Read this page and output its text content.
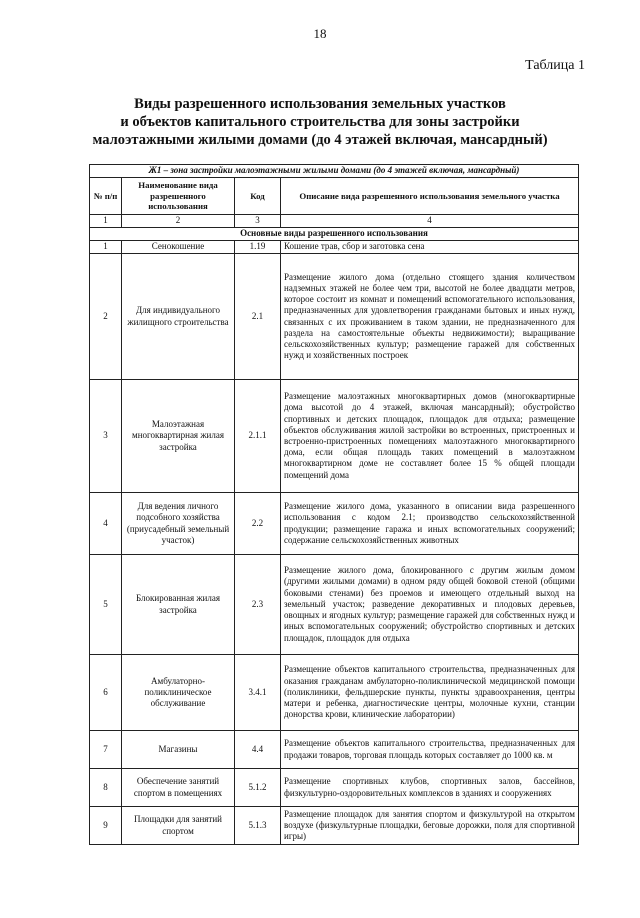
18
Таблица 1
Виды разрешенного использования земельных участков
и объектов капитального строительства для зоны застройки
малоэтажными жилыми домами (до 4 этажей включая, мансардный)
Ж1 – зона застройки малоэтажными жилыми домами (до 4 этажей включая, мансардный)			
№ п/п	Наименование вида разрешенного использования	Код	Описание вида разрешенного использования земельного участка
1	2	3	4
Основные виды разрешенного использования			
1	Сенокошение	1.19	Кошение трав, сбор и заготовка сена
2	Для индивидуального жилищного строительства	2.1	Размещение жилого дома (отдельно стоящего здания количеством надземных этажей не более чем три, высотой не более двадцати метров, которое состоит из комнат и помещений вспомогательного использования, предназначенных для удовлетворения гражданами бытовых и иных нужд, связанных с их проживанием в таком здании, не предназначенного для раздела на самостоятельные объекты недвижимости); выращивание сельскохозяйственных культур; размещение гаражей для собственных нужд и хозяйственных построек
3	Малоэтажная многоквартирная жилая застройка	2.1.1	Размещение малоэтажных многоквартирных домов (многоквартирные дома высотой до 4 этажей, включая мансардный); обустройство спортивных и детских площадок, площадок для отдыха; размещение объектов обслуживания жилой застройки во встроенных, пристроенных и встроенно-пристроенных помещениях малоэтажного многоквартирного дома, если общая площадь таких помещений в малоэтажном многоквартирном доме не составляет более 15 % общей площади помещений дома
4	Для ведения личного подсобного хозяйства (приусадебный земельный участок)	2.2	Размещение жилого дома, указанного в описании вида разрешенного использования с кодом 2.1; производство сельскохозяйственной продукции; размещение гаража и иных вспомогательных сооружений; содержание сельскохозяйственных животных
5	Блокированная жилая застройка	2.3	Размещение жилого дома, блокированного с другим жилым домом (другими жилыми домами) в одном ряду общей боковой стеной (общими боковыми стенами) без проемов и имеющего отдельный выход на земельный участок; разведение декоративных и плодовых деревьев, овощных и ягодных культур; размещение гаражей для собственных нужд и иных вспомогательных сооружений; обустройство спортивных и детских площадок, площадок для отдыха
6	Амбулаторно-поликлиническое обслуживание	3.4.1	Размещение объектов капитального строительства, предназначенных для оказания гражданам амбулаторно-поликлинической медицинской помощи (поликлиники, фельдшерские пункты, пункты здравоохранения, центры матери и ребенка, диагностические центры, молочные кухни, станции донорства крови, клинические лаборатории)
7	Магазины	4.4	Размещение объектов капитального строительства, предназначенных для продажи товаров, торговая площадь которых составляет до 1000 кв. м
8	Обеспечение занятий спортом в помещениях	5.1.2	Размещение спортивных клубов, спортивных залов, бассейнов, физкультурно-оздоровительных комплексов в зданиях и сооружениях
9	Площадки для занятий спортом	5.1.3	Размещение площадок для занятия спортом и физкультурой на открытом воздухе (физкультурные площадки, беговые дорожки, поля для спортивной игры)
